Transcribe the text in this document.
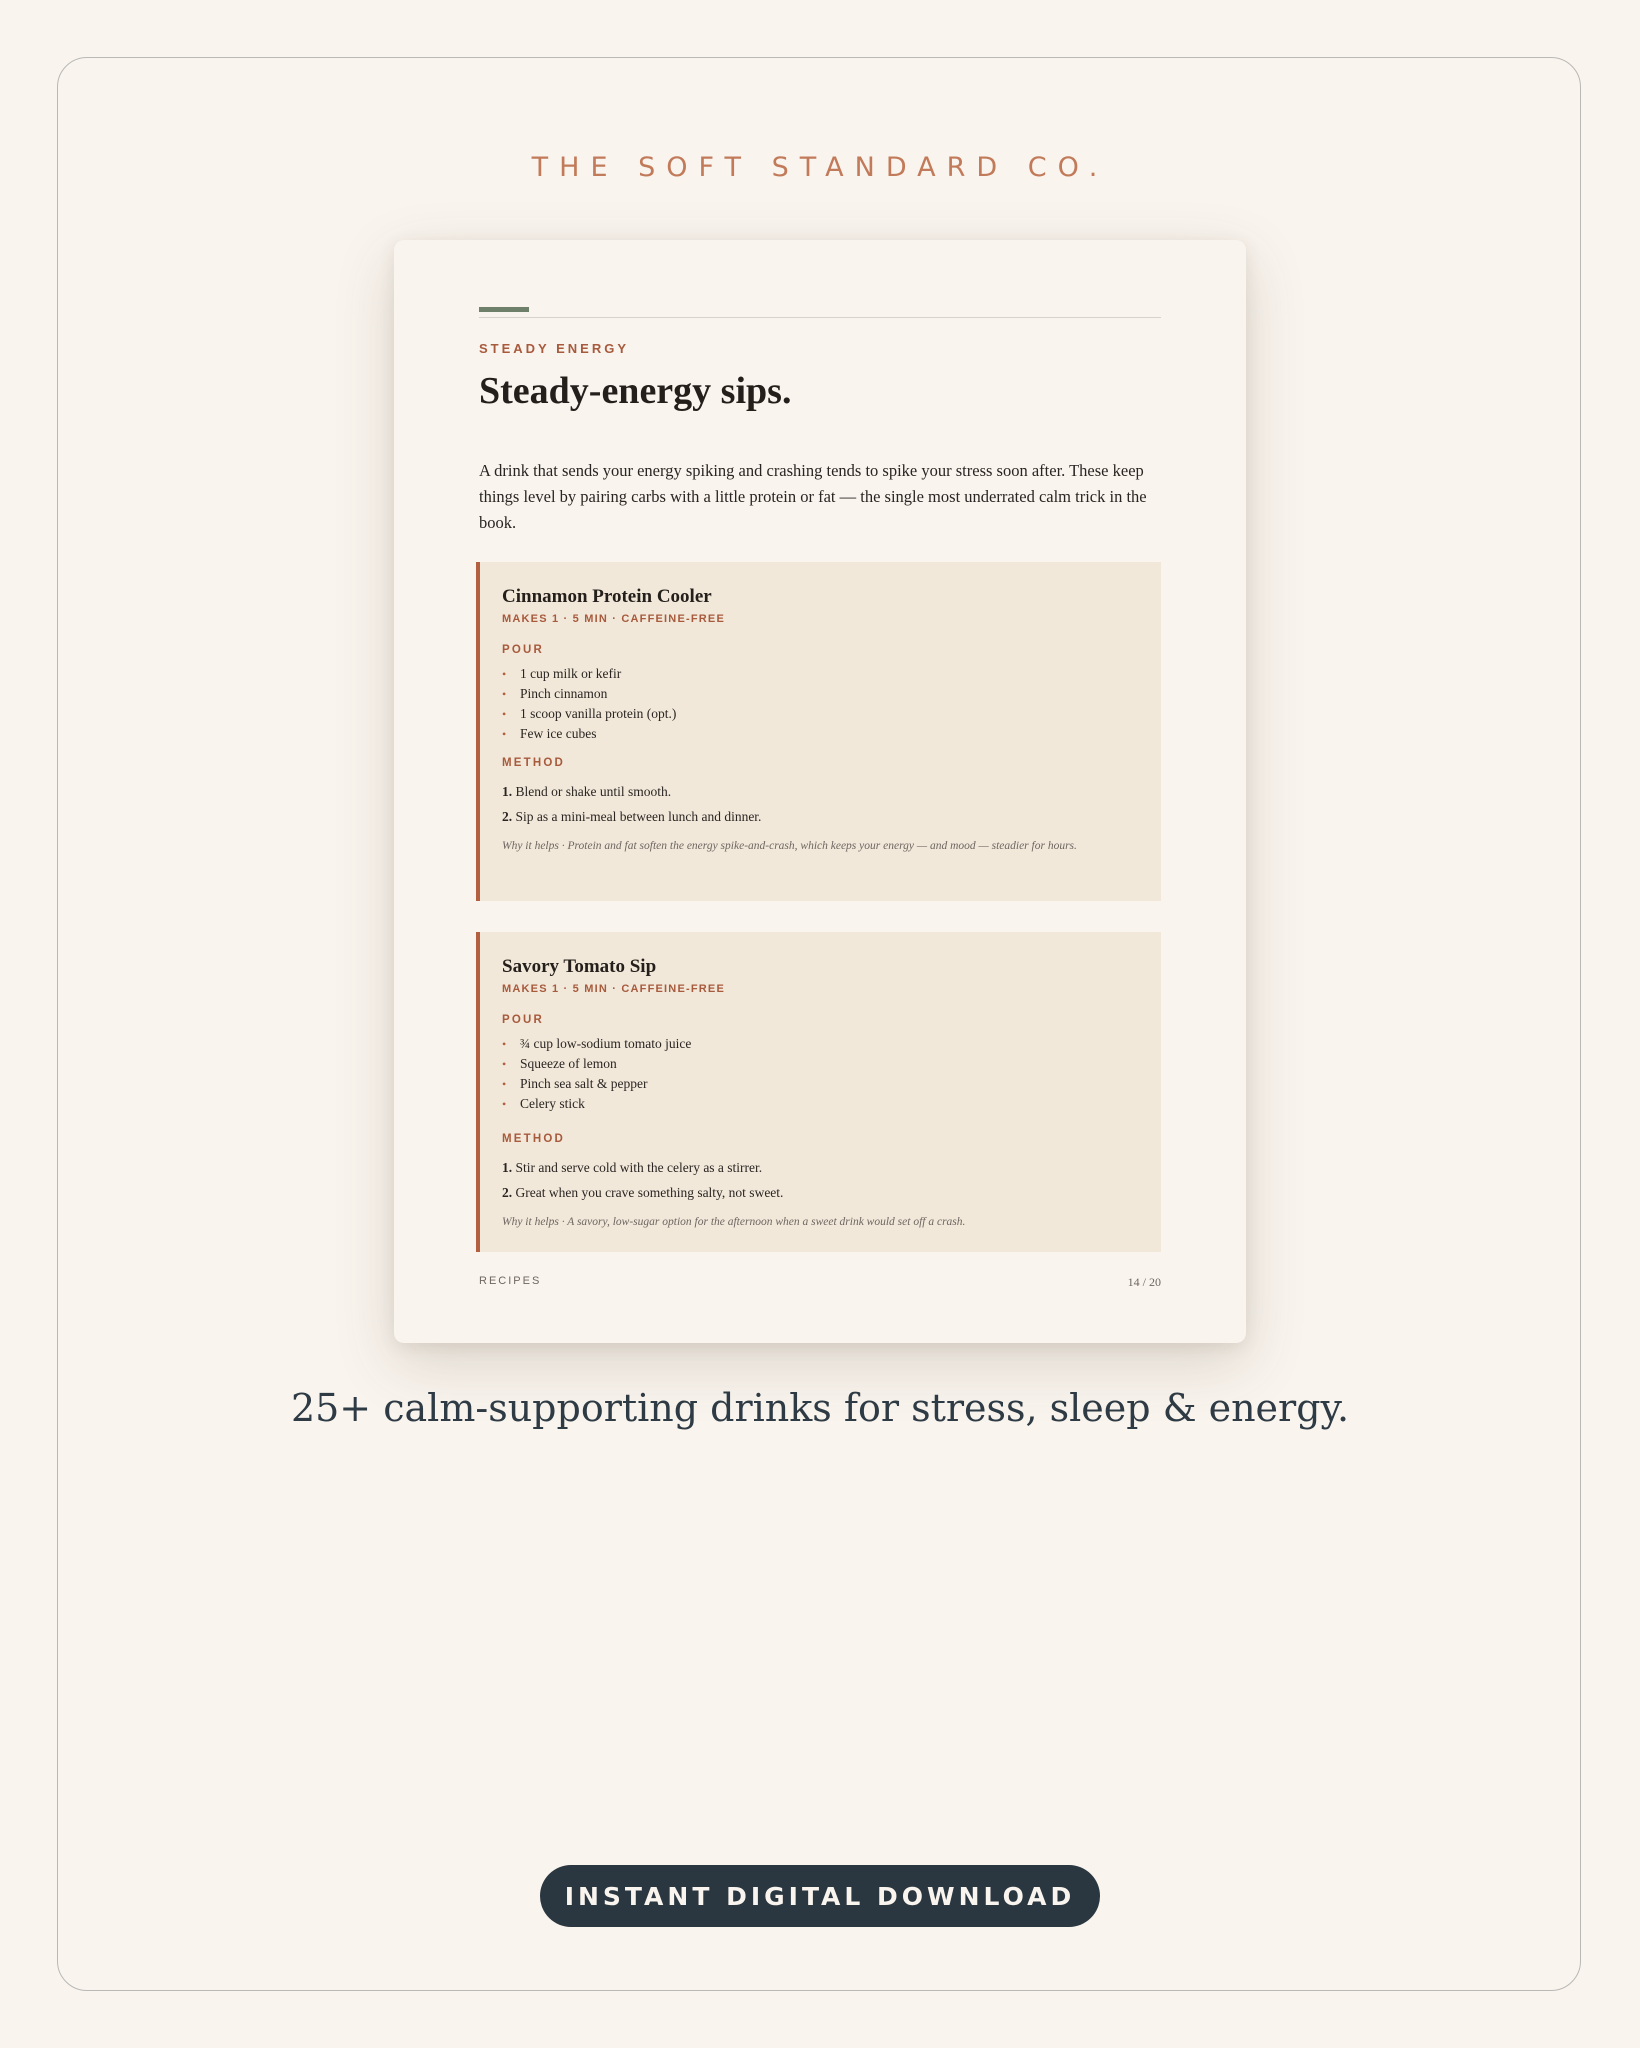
THE SOFT STANDARD CO.
STEADY ENERGY
Steady-energy sips.

A drink that sends your energy spiking and crashing tends to spike your stress soon after. These keep things level by pairing carbs with a little protein or fat — the single most underrated calm trick in the book.

Cinnamon Protein Cooler
MAKES 1 · 5 MIN · CAFFEINE-FREE
POUR
• 1 cup milk or kefir
• Pinch cinnamon
• 1 scoop vanilla protein (opt.)
• Few ice cubes
METHOD
1. Blend or shake until smooth.
2. Sip as a mini-meal between lunch and dinner.
Why it helps · Protein and fat soften the energy spike-and-crash, which keeps your energy — and mood — steadier for hours.
Savory Tomato Sip
MAKES 1 · 5 MIN · CAFFEINE-FREE
POUR
• ¾ cup low-sodium tomato juice
• Squeeze of lemon
• Pinch sea salt & pepper
• Celery stick
METHOD
1. Stir and serve cold with the celery as a stirrer.
2. Great when you crave something salty, not sweet.
Why it helps · A savory, low-sugar option for the afternoon when a sweet drink would set off a crash.
RECIPES	14 / 20
25+ calm-supporting drinks for stress, sleep & energy.
INSTANT DIGITAL DOWNLOAD
